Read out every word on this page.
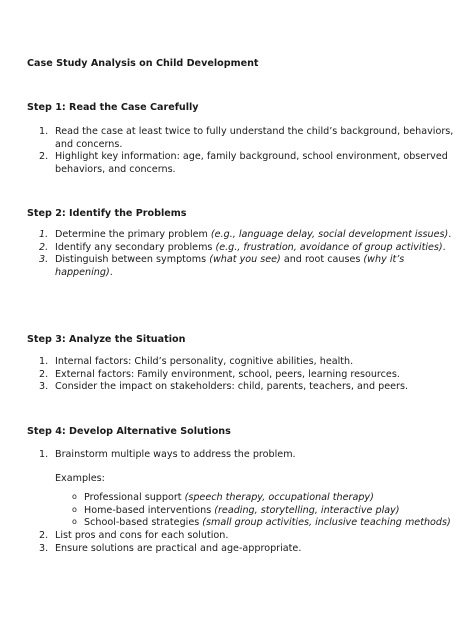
Case Study Analysis on Child Development
Step 1: Read the Case Carefully
1. Read the case at least twice to fully understand the child’s background, behaviors, and concerns.
2. Highlight key information: age, family background, school environment, observed behaviors, and concerns.
Step 2: Identify the Problems
1. Determine the primary problem (e.g., language delay, social development issues).
2. Identify any secondary problems (e.g., frustration, avoidance of group activities).
3. Distinguish between symptoms (what you see) and root causes (why it’s happening).
Step 3: Analyze the Situation
1. Internal factors: Child’s personality, cognitive abilities, health.
2. External factors: Family environment, school, peers, learning resources.
3. Consider the impact on stakeholders: child, parents, teachers, and peers.
Step 4: Develop Alternative Solutions
1. Brainstorm multiple ways to address the problem.
Examples:
o Professional support (speech therapy, occupational therapy)
o Home-based interventions (reading, storytelling, interactive play)
o School-based strategies (small group activities, inclusive teaching methods)
2. List pros and cons for each solution.
3. Ensure solutions are practical and age-appropriate.
